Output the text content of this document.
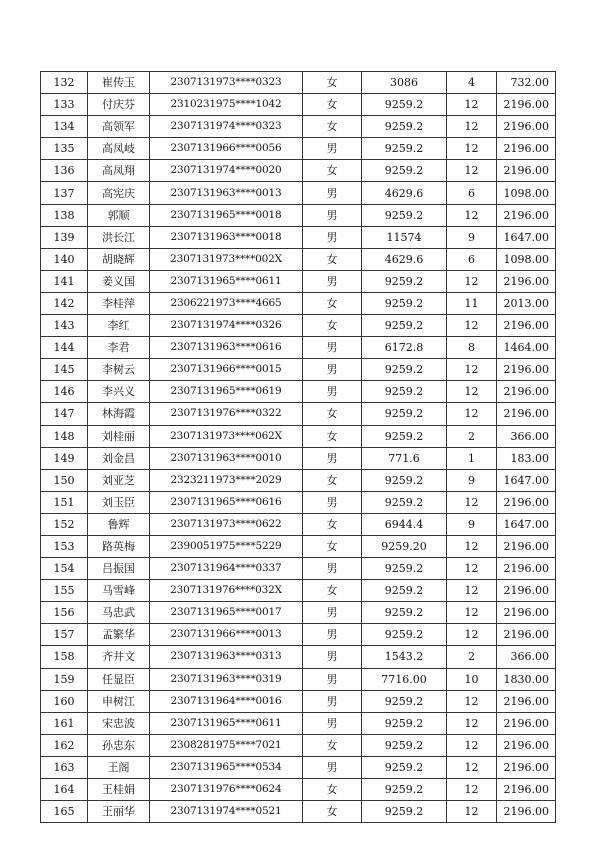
132	崔传玉	2307131973****0323	女	3086	4	732.00
133	付庆芬	2310231975****1042	女	9259.2	12	2196.00
134	高领军	2307131974****0323	女	9259.2	12	2196.00
135	高凤岐	2307131966****0056	男	9259.2	12	2196.00
136	高凤翔	2307131974****0020	女	9259.2	12	2196.00
137	高宪庆	2307131963****0013	男	4629.6	6	1098.00
138	郭顺	2307131965****0018	男	9259.2	12	2196.00
139	洪长江	2307131963****0018	男	11574	9	1647.00
140	胡晓辉	2307131973****002X	女	4629.6	6	1098.00
141	姜义国	2307131965****0611	男	9259.2	12	2196.00
142	李桂萍	2306221973****4665	女	9259.2	11	2013.00
143	李红	2307131974****0326	女	9259.2	12	2196.00
144	李君	2307131963****0616	男	6172.8	8	1464.00
145	李树云	2307131966****0015	男	9259.2	12	2196.00
146	李兴义	2307131965****0619	男	9259.2	12	2196.00
147	林海霞	2307131976****0322	女	9259.2	12	2196.00
148	刘桂丽	2307131973****062X	女	9259.2	2	366.00
149	刘金昌	2307131963****0010	男	771.6	1	183.00
150	刘亚芝	2323211973****2029	女	9259.2	9	1647.00
151	刘玉臣	2307131965****0616	男	9259.2	12	2196.00
152	鲁辉	2307131973****0622	女	6944.4	9	1647.00
153	路英梅	2390051975****5229	女	9259.20	12	2196.00
154	吕振国	2307131964****0337	男	9259.2	12	2196.00
155	马雪峰	2307131976****032X	女	9259.2	12	2196.00
156	马忠武	2307131965****0017	男	9259.2	12	2196.00
157	孟繁华	2307131966****0013	男	9259.2	12	2196.00
158	齐井文	2307131963****0313	男	1543.2	2	366.00
159	任显臣	2307131963****0319	男	7716.00	10	1830.00
160	申树江	2307131964****0016	男	9259.2	12	2196.00
161	宋忠波	2307131965****0611	男	9259.2	12	2196.00
162	孙忠东	2308281975****7021	女	9259.2	12	2196.00
163	王阁	2307131965****0534	男	9259.2	12	2196.00
164	王桂娟	2307131976****0624	女	9259.2	12	2196.00
165	王丽华	2307131974****0521	女	9259.2	12	2196.00
